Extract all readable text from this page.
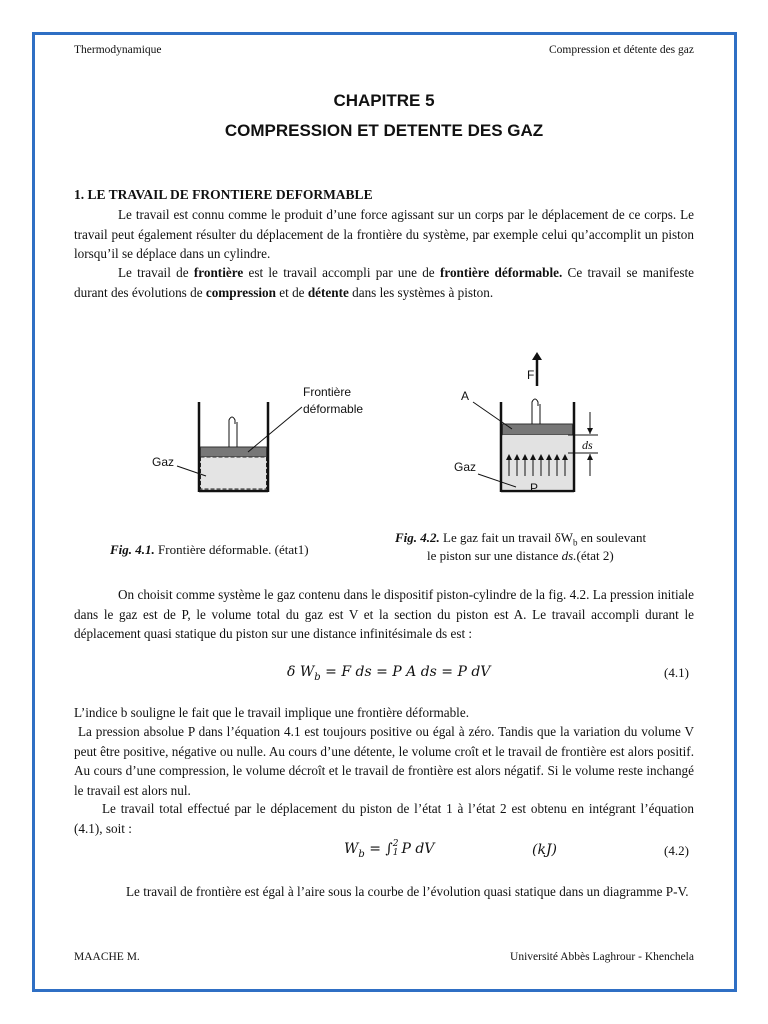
Thermodynamique	Compression et détente des gaz
CHAPITRE 5
COMPRESSION ET DETENTE DES GAZ
1. LE TRAVAIL DE FRONTIERE DEFORMABLE
Le travail est connu comme le produit d’une force agissant sur un corps par le déplacement de ce corps. Le travail peut également résulter du déplacement de la frontière du système, par exemple celui qu’accomplit un piston lorsqu’il se déplace dans un cylindre.
Le travail de frontière est le travail accompli par une de frontière déformable. Ce travail se manifeste durant des évolutions de compression et de détente dans les systèmes à piston.
Frontière
déformable
Gaz
F
A
ds
Gaz
P
Fig. 4.1. Frontière déformable. (état1)
Fig. 4.2. Le gaz fait un travail $\delta W_b$ en soulevant
le piston sur une distance ds.(état 2)
On choisit comme système le gaz contenu dans le dispositif piston-cylindre de la fig. 4.2. La pression initiale dans le gaz est de P, le volume total du gaz est V et la section du piston est A. Le travail accompli durant le déplacement quasi statique du piston sur une distance infinitésimale ds est :
δ $W_b = F$ ds = P A ds = P dV	(4.1)
L’indice b souligne le fait que le travail implique une frontière déformable.
La pression absolue P dans l’équation 4.1 est toujours positive ou égal à zéro. Tandis que la variation du volume V peut être positive, négative ou nulle. Au cours d’une détente, le volume croît et le travail de frontière est alors positif. Au cours d’une compression, le volume décroît et le travail de frontière est alors négatif. Si le volume reste inchangé le travail est alors nul.
Le travail total effectué par le déplacement du piston de l’état 1 à l’état 2 est obtenu en intégrant l’équation (4.1), soit :
$W_b$ = ∫ 2
1 P dV	(kJ)	(4.2)
Le travail de frontière est égal à l’aire sous la courbe de l’évolution quasi statique dans un diagramme P-V.
MAACHE M.	Université Abbès Laghrour - Khenchela
